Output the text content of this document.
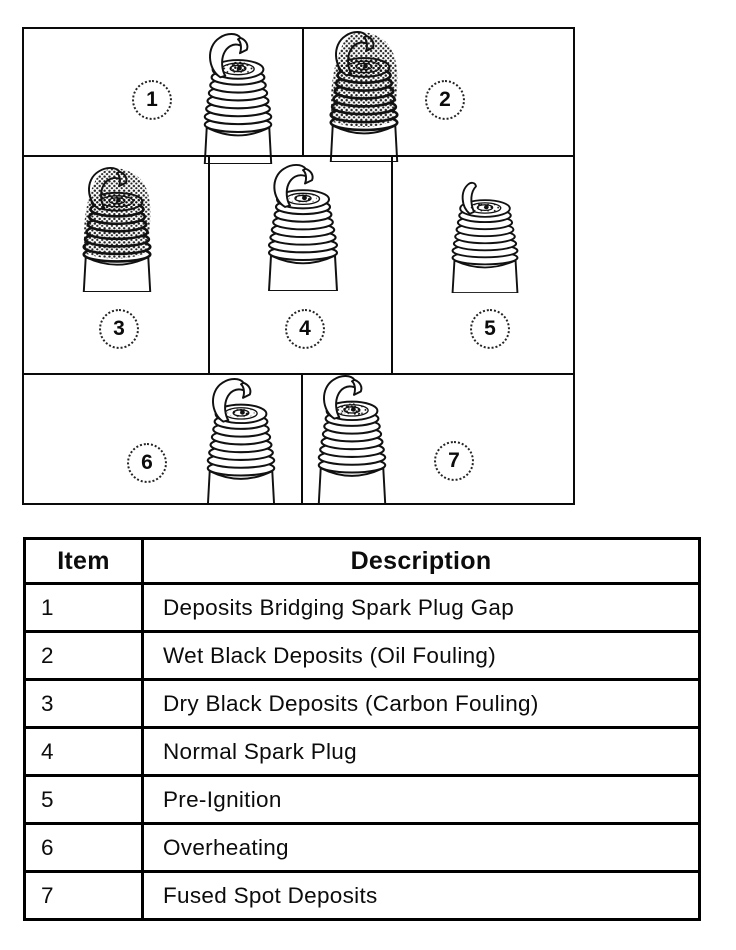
1	2
3	4	5
6	7
Item	Description
1	Deposits Bridging Spark Plug Gap
2	Wet Black Deposits (Oil Fouling)
3	Dry Black Deposits (Carbon Fouling)
4	Normal Spark Plug
5	Pre-Ignition
6	Overheating
7	Fused Spot Deposits
